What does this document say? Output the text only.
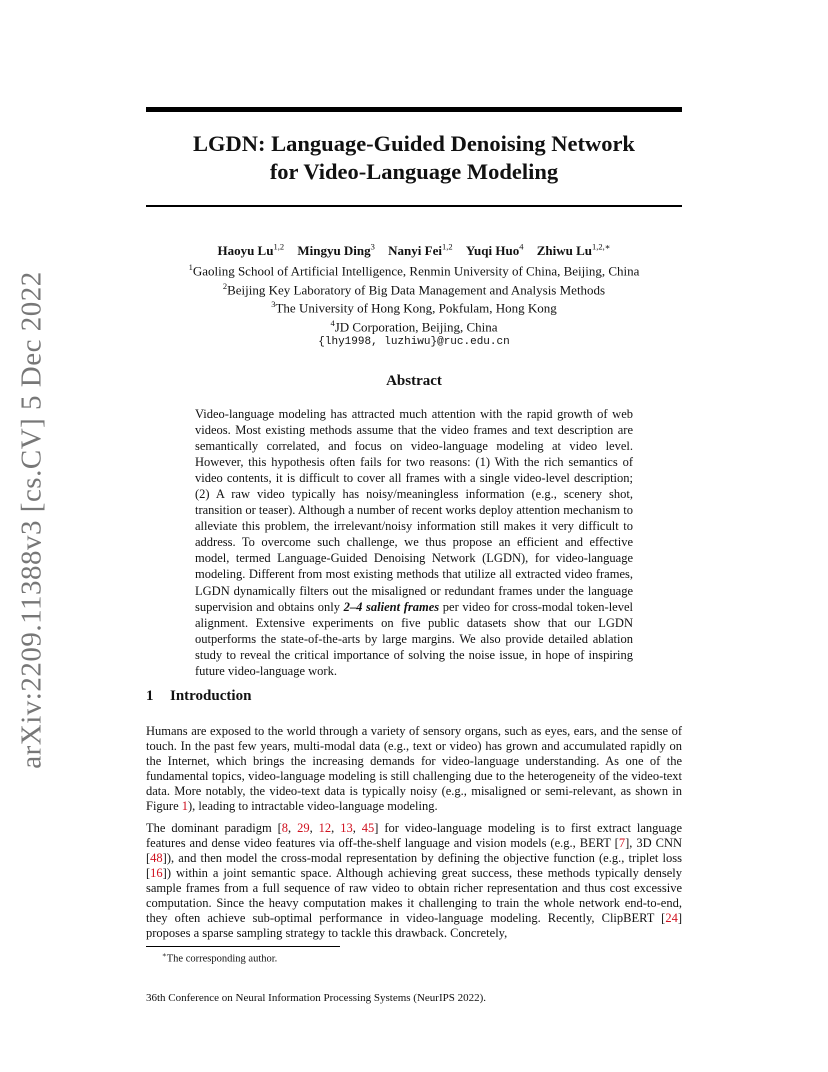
arXiv:2209.11388v3 [cs.CV] 5 Dec 2022
LGDN: Language-Guided Denoising Network
for Video-Language Modeling
Haoyu Lu$^{1,2}$ Mingyu Ding$^3$ Nanyi Fei$^{1,2}$ Yuqi Huo$^4$ Zhiwu $Lu^{1,2,∗}$
$^1$Gaoling School of Artificial Intelligence, Renmin University of China, Beijing, China
$^2$Beijing Key Laboratory of Big Data Management and Analysis Methods
$^3$The University of Hong Kong, Pokfulam, Hong Kong
$^4$JD Corporation, Beijing, China
{lhy1998, luzhiwu}@ruc.edu.cn
Abstract

Video-language modeling has attracted much attention with the rapid growth of web videos. Most existing methods assume that the video frames and text description are semantically correlated, and focus on video-language modeling at video level. However, this hypothesis often fails for two reasons: (1) With the rich semantics of video contents, it is difficult to cover all frames with a single video-level description; (2) A raw video typically has noisy/meaningless information (e.g., scenery shot, transition or teaser). Although a number of recent works deploy attention mechanism to alleviate this problem, the irrelevant/noisy information still makes it very difficult to address. To overcome such challenge, we thus propose an efficient and effective model, termed Language-Guided Denoising Network (LGDN), for video-language modeling. Different from most existing methods that utilize all extracted video frames, LGDN dynamically filters out the misaligned or redundant frames under the language supervision and obtains only 2–4 salient frames per video for cross-modal token-level alignment. Extensive experiments on five public datasets show that our LGDN outperforms the state-of-the-arts by large margins. We also provide detailed ablation study to reveal the critical importance of solving the noise issue, in hope of inspiring future video-language work.

1 Introduction

Humans are exposed to the world through a variety of sensory organs, such as eyes, ears, and the sense of touch. In the past few years, multi-modal data (e.g., text or video) has grown and accumulated rapidly on the Internet, which brings the increasing demands for video-language understanding. As one of the fundamental topics, video-language modeling is still challenging due to the heterogeneity of the video-text data. More notably, the video-text data is typically noisy (e.g., misaligned or semi-relevant, as shown in Figure 1), leading to intractable video-language modeling.

The dominant paradigm [8, 29, 12, 13, 45] for video-language modeling is to first extract language features and dense video features via off-the-shelf language and vision models (e.g., BERT [7], 3D CNN [48]), and then model the cross-modal representation by defining the objective function (e.g., triplet loss [16]) within a joint semantic space. Although achieving great success, these methods typically densely sample frames from a full sequence of raw video to obtain richer representation and thus cost excessive computation. Since the heavy computation makes it challenging to train the whole network end-to-end, they often achieve sub-optimal performance in video-language modeling. Recently, ClipBERT [24] proposes a sparse sampling strategy to tackle this drawback. Concretely,

∗The corresponding author.
36th Conference on Neural Information Processing Systems (NeurIPS 2022).
